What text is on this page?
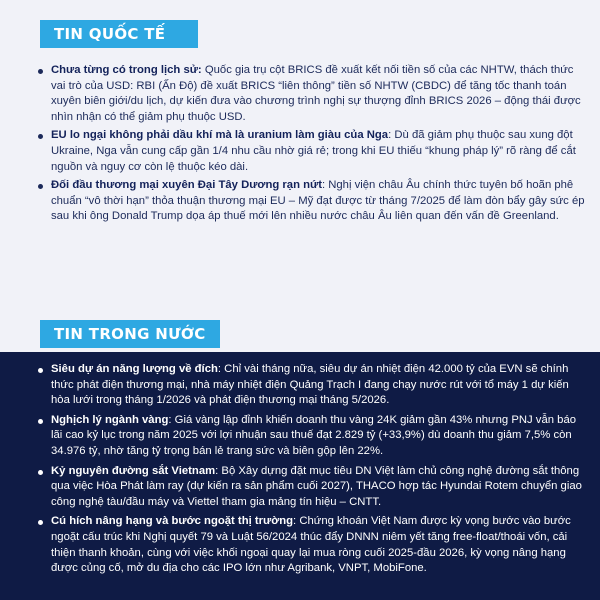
TIN QUỐC TẾ
Chưa từng có trong lịch sử: Quốc gia trụ cột BRICS đề xuất kết nối tiền số của các NHTW, thách thức vai trò của USD: RBI (Ấn Độ) đề xuất BRICS “liên thông” tiền số NHTW (CBDC) để tăng tốc thanh toán xuyên biên giới/du lịch, dự kiến đưa vào chương trình nghị sự thượng đỉnh BRICS 2026 – động thái được nhìn nhận có thể giảm phụ thuộc USD.
EU lo ngại không phải dầu khí mà là uranium làm giàu của Nga: Dù đã giảm phụ thuộc sau xung đột Ukraine, Nga vẫn cung cấp gần 1/4 nhu cầu nhờ giá rẻ; trong khi EU thiếu “khung pháp lý” rõ ràng để cắt nguồn và nguy cơ còn lệ thuộc kéo dài.
Đối đầu thương mại xuyên Đại Tây Dương rạn nứt: Nghị viện châu Âu chính thức tuyên bố hoãn phê chuẩn “vô thời hạn” thỏa thuận thương mại EU – Mỹ đạt được từ tháng 7/2025 để làm đòn bẩy gây sức ép sau khi ông Donald Trump dọa áp thuế mới lên nhiều nước châu Âu liên quan đến vấn đề Greenland.
TIN TRONG NƯỚC
Siêu dự án năng lượng về đích: Chỉ vài tháng nữa, siêu dự án nhiệt điện 42.000 tỷ của EVN sẽ chính thức phát điện thương mại, nhà máy nhiệt điện Quảng Trạch I đang chạy nước rút với tổ máy 1 dự kiến hòa lưới trong tháng 1/2026 và phát điện thương mại tháng 5/2026.
Nghịch lý ngành vàng: Giá vàng lập đỉnh khiến doanh thu vàng 24K giảm gần 43% nhưng PNJ vẫn báo lãi cao kỷ lục trong năm 2025 với lợi nhuận sau thuế đạt 2.829 tỷ (+33,9%) dù doanh thu giảm 7,5% còn 34.976 tỷ, nhờ tăng tỷ trọng bán lẻ trang sức và biên gộp lên 22%.
Kỷ nguyên đường sắt Vietnam: Bộ Xây dựng đặt mục tiêu DN Việt làm chủ công nghệ đường sắt thông qua việc Hòa Phát làm ray (dự kiến ra sản phẩm cuối 2027), THACO hợp tác Hyundai Rotem chuyển giao công nghệ tàu/đầu máy và Viettel tham gia mảng tín hiệu – CNTT.
Cú hích nâng hạng và bước ngoặt thị trường: Chứng khoán Việt Nam được kỳ vọng bước vào bước ngoặt cấu trúc khi Nghị quyết 79 và Luật 56/2024 thúc đẩy DNNN niêm yết tăng free-float/thoái vốn, cải thiện thanh khoản, cùng với việc khối ngoại quay lại mua ròng cuối 2025-đầu 2026, kỳ vọng nâng hạng được củng cố, mở du địa cho các IPO lớn như Agribank, VNPT, MobiFone.
